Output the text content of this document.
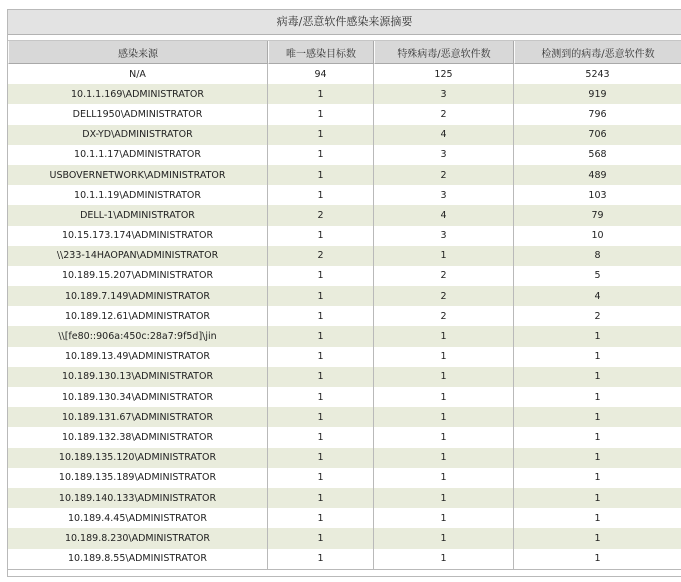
病毒/恶意软件感染来源摘要
感染来源	唯一感染目标数	特殊病毒/恶意软件数	检测到的病毒/恶意软件数
N/A	94	125	5243
10.1.1.169\ADMINISTRATOR	1	3	919
DELL1950\ADMINISTRATOR	1	2	796
DX-YD\ADMINISTRATOR	1	4	706
10.1.1.17\ADMINISTRATOR	1	3	568
USBOVERNETWORK\ADMINISTRATOR	1	2	489
10.1.1.19\ADMINISTRATOR	1	3	103
DELL-1\ADMINISTRATOR	2	4	79
10.15.173.174\ADMINISTRATOR	1	3	10
\\233-14HAOPAN\ADMINISTRATOR	2	1	8
10.189.15.207\ADMINISTRATOR	1	2	5
10.189.7.149\ADMINISTRATOR	1	2	4
10.189.12.61\ADMINISTRATOR	1	2	2
\\[fe80::906a:450c:28a7:9f5d]\jin	1	1	1
10.189.13.49\ADMINISTRATOR	1	1	1
10.189.130.13\ADMINISTRATOR	1	1	1
10.189.130.34\ADMINISTRATOR	1	1	1
10.189.131.67\ADMINISTRATOR	1	1	1
10.189.132.38\ADMINISTRATOR	1	1	1
10.189.135.120\ADMINISTRATOR	1	1	1
10.189.135.189\ADMINISTRATOR	1	1	1
10.189.140.133\ADMINISTRATOR	1	1	1
10.189.4.45\ADMINISTRATOR	1	1	1
10.189.8.230\ADMINISTRATOR	1	1	1
10.189.8.55\ADMINISTRATOR	1	1	1
